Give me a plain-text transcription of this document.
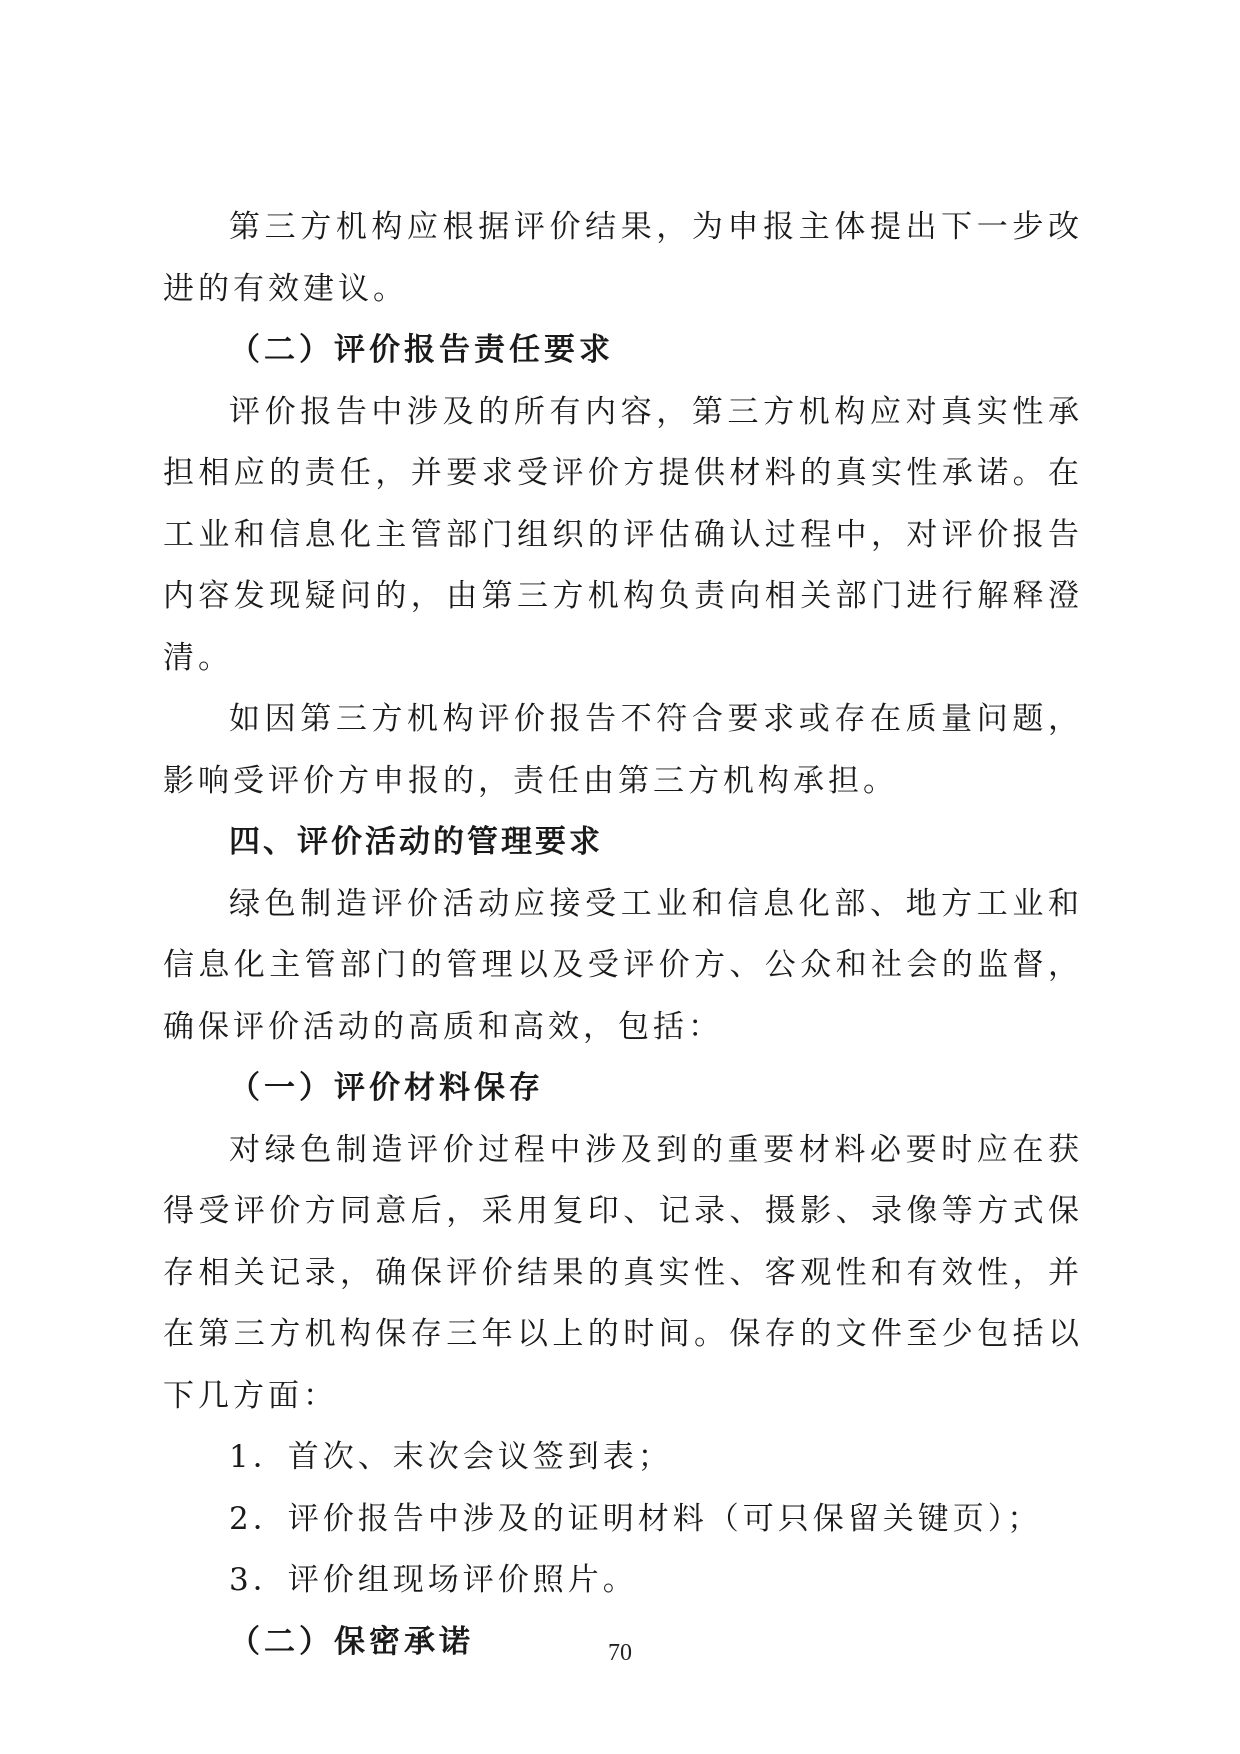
第三方机构应根据评价结果，为申报主体提出下一步改进的有效建议。

（二）评价报告责任要求

评价报告中涉及的所有内容，第三方机构应对真实性承担相应的责任，并要求受评价方提供材料的真实性承诺。在工业和信息化主管部门组织的评估确认过程中，对评价报告内容发现疑问的，由第三方机构负责向相关部门进行解释澄清。

如因第三方机构评价报告不符合要求或存在质量问题，影响受评价方申报的，责任由第三方机构承担。

四、评价活动的管理要求

绿色制造评价活动应接受工业和信息化部、地方工业和信息化主管部门的管理以及受评价方、公众和社会的监督，确保评价活动的高质和高效，包括：

（一）评价材料保存

对绿色制造评价过程中涉及到的重要材料必要时应在获得受评价方同意后，采用复印、记录、摄影、录像等方式保存相关记录，确保评价结果的真实性、客观性和有效性，并在第三方机构保存三年以上的时间。保存的文件至少包括以下几方面：

1．首次、末次会议签到表；

2．评价报告中涉及的证明材料（可只保留关键页）；

3．评价组现场评价照片。

（二）保密承诺	70
